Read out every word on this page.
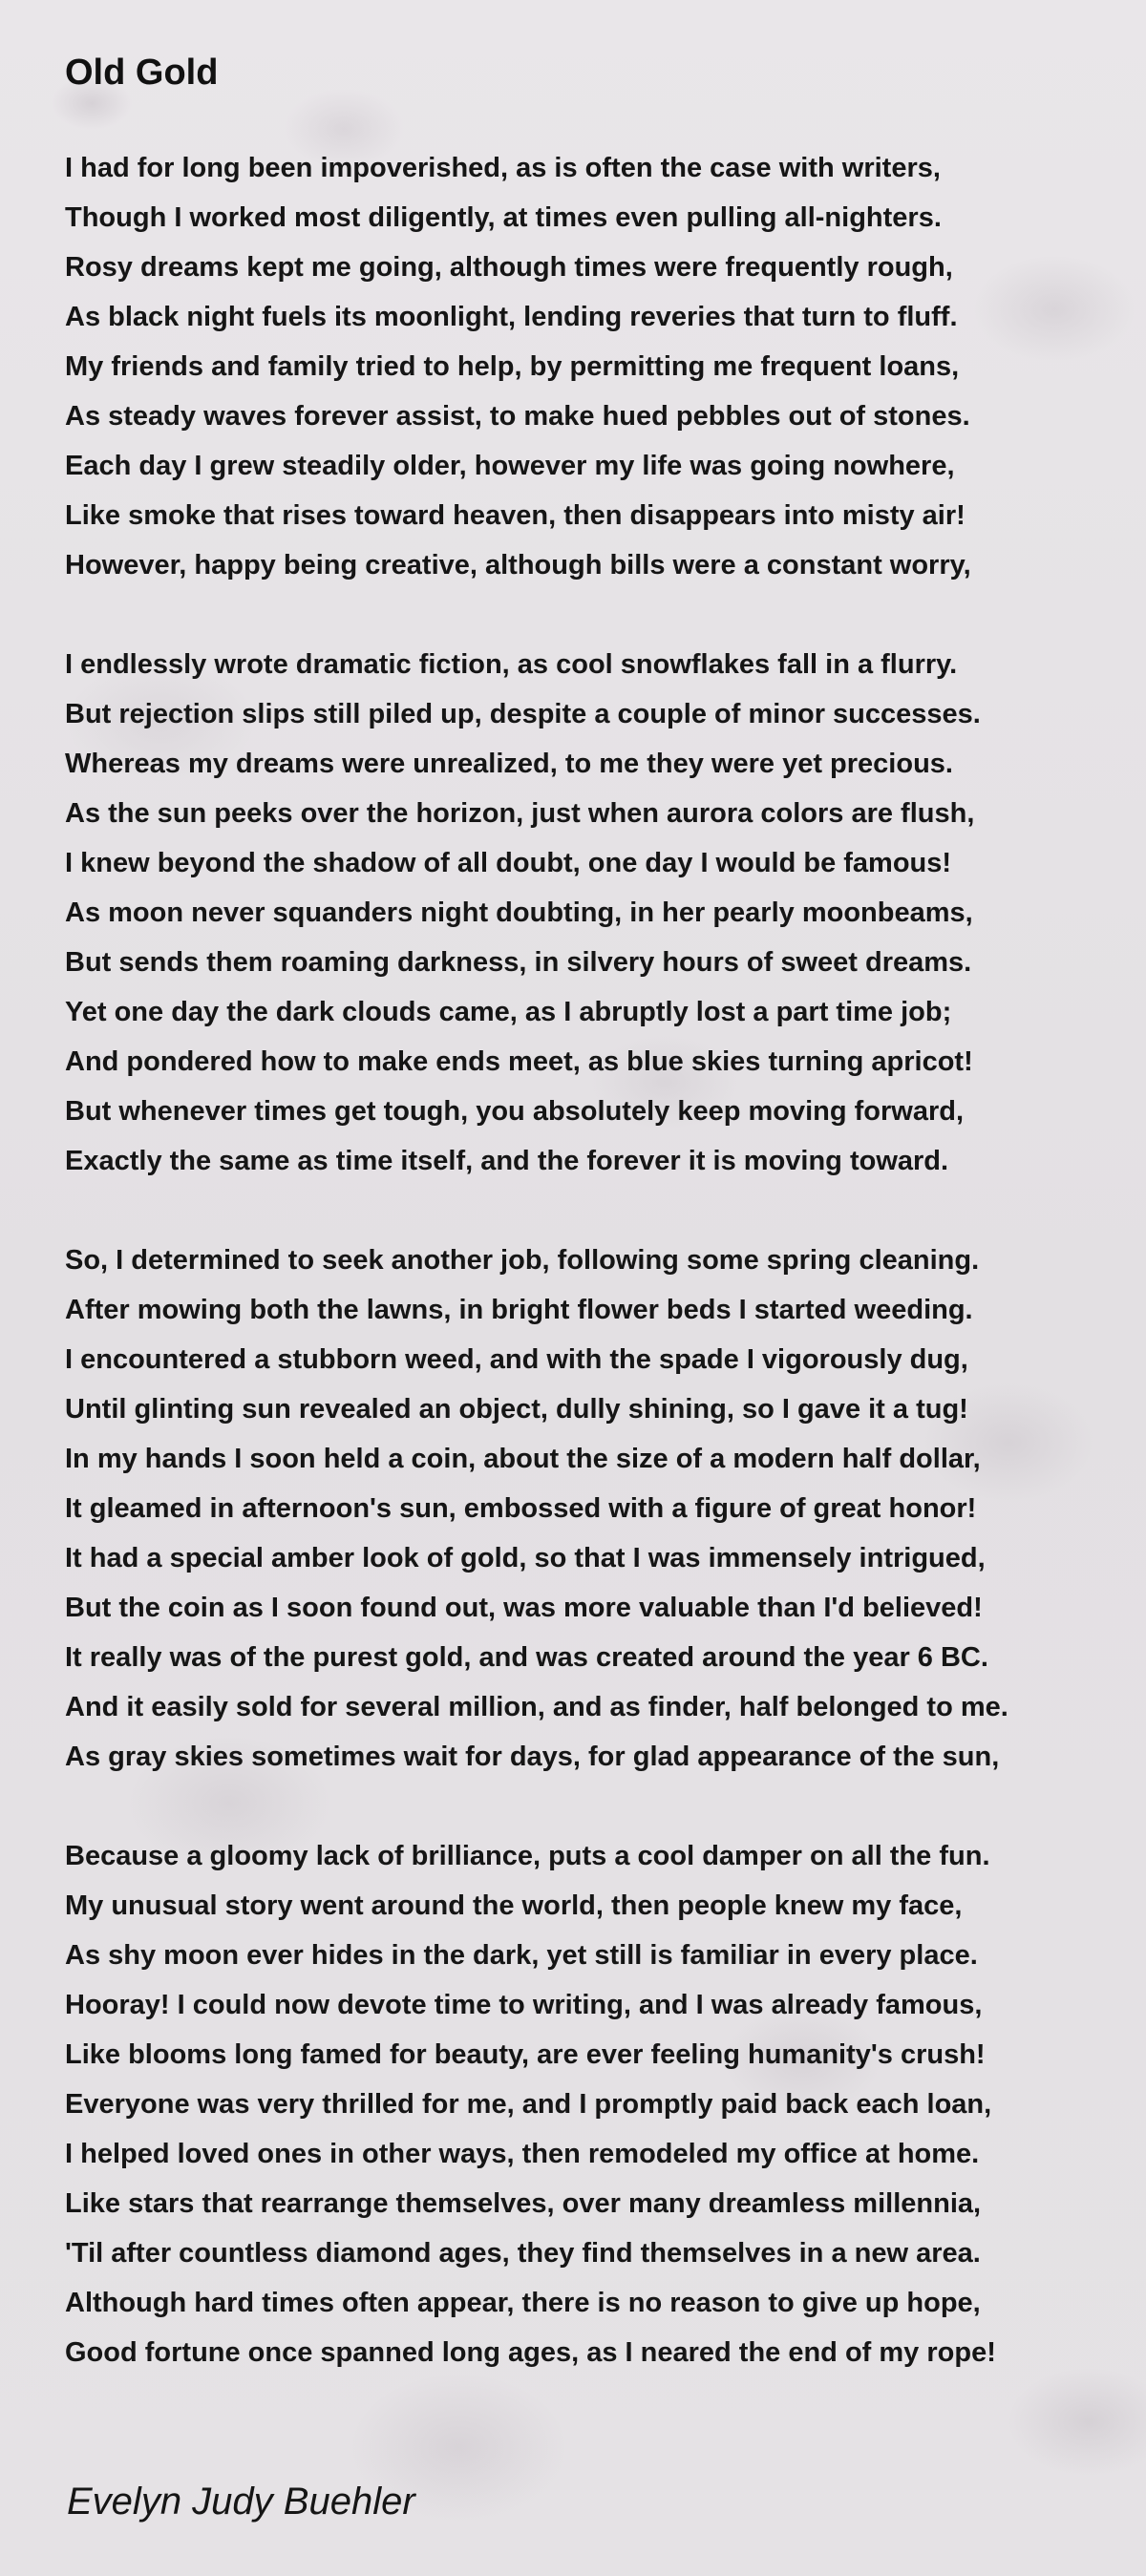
Old Gold
I had for long been impoverished, as is often the case with writers,
Though I worked most diligently, at times even pulling all-nighters.
Rosy dreams kept me going, although times were frequently rough,
As black night fuels its moonlight, lending reveries that turn to fluff.
My friends and family tried to help, by permitting me frequent loans,
As steady waves forever assist, to make hued pebbles out of stones.
Each day I grew steadily older, however my life was going nowhere,
Like smoke that rises toward heaven, then disappears into misty air!
However, happy being creative, although bills were a constant worry,
I endlessly wrote dramatic fiction, as cool snowflakes fall in a flurry.
But rejection slips still piled up, despite a couple of minor successes.
Whereas my dreams were unrealized, to me they were yet precious.
As the sun peeks over the horizon, just when aurora colors are flush,
I knew beyond the shadow of all doubt, one day I would be famous!
As moon never squanders night doubting, in her pearly moonbeams,
But sends them roaming darkness, in silvery hours of sweet dreams.
Yet one day the dark clouds came, as I abruptly lost a part time job;
And pondered how to make ends meet, as blue skies turning apricot!
But whenever times get tough, you absolutely keep moving forward,
Exactly the same as time itself, and the forever it is moving toward.
So, I determined to seek another job, following some spring cleaning.
After mowing both the lawns, in bright flower beds I started weeding.
I encountered a stubborn weed, and with the spade I vigorously dug,
Until glinting sun revealed an object, dully shining, so I gave it a tug!
In my hands I soon held a coin, about the size of a modern half dollar,
It gleamed in afternoon's sun, embossed with a figure of great honor!
It had a special amber look of gold, so that I was immensely intrigued,
But the coin as I soon found out, was more valuable than I'd believed!
It really was of the purest gold, and was created around the year 6 BC.
And it easily sold for several million, and as finder, half belonged to me.
As gray skies sometimes wait for days, for glad appearance of the sun,
Because a gloomy lack of brilliance, puts a cool damper on all the fun.
My unusual story went around the world, then people knew my face,
As shy moon ever hides in the dark, yet still is familiar in every place.
Hooray! I could now devote time to writing, and I was already famous,
Like blooms long famed for beauty, are ever feeling humanity's crush!
Everyone was very thrilled for me, and I promptly paid back each loan,
I helped loved ones in other ways, then remodeled my office at home.
Like stars that rearrange themselves, over many dreamless millennia,
'Til after countless diamond ages, they find themselves in a new area.
Although hard times often appear, there is no reason to give up hope,
Good fortune once spanned long ages, as I neared the end of my rope!

Evelyn Judy Buehler
